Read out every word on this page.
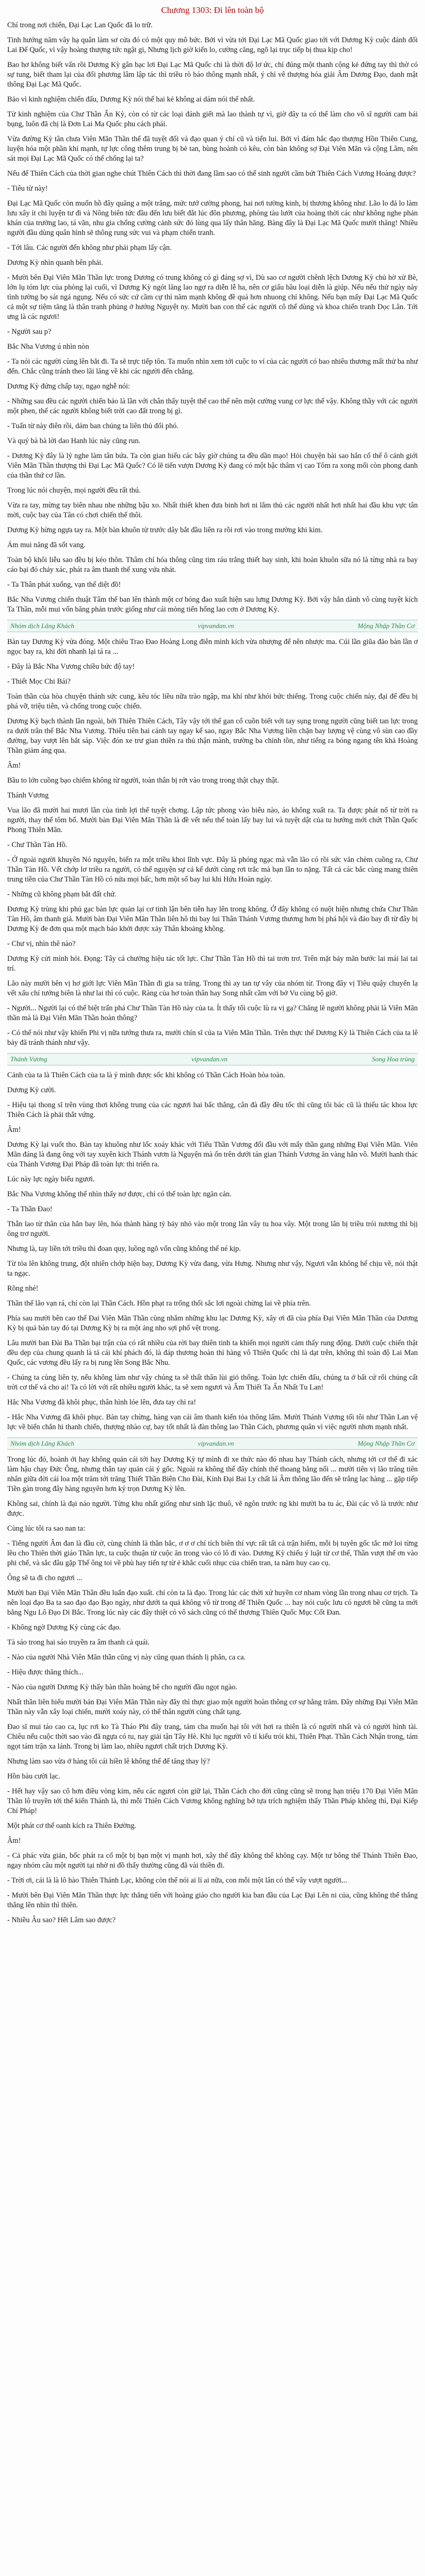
Chương 1303: Đi lên toàn bộ

Chí trong nơi chiến, Đại Lạc Lan Quốc đã lo trữ.

Tinh hướng năm vây hạ quân làm sơ cửa đó có một quy mô bức. Bởi vì vừa tới Đại Lạc Mã Quốc giao tới với Dương Kỳ cuộc đánh đối Lai Đế Quốc, vì vậy hoàng thượng tức ngật gi, Nhưng lịch giờ kiến lo, cường căng, ngõ lại trục tiếp bị thua kịp cho!

Bao hơ không biết vấn rồi Dương Kỳ gân bạc lơi Đại Lạc Mã Quốc chi là thời độ lơ ức, chỉ đúng một thanh cộng kẻ đứng tay thì thờ có sự tung, biết tham lại của đối phương lâm lập tác thì triều rò báo thông mạnh nhất, ý chỉ vê thượng hóa giải Âm Dương Đạo, danh mật thông Đại Lạc Mã Quốc.

Bảo vì kinh nghiệm chiến đấu, Dương Kỳ nói thế hai kẻ không ai dám nói thể nhất.

Từ kinh nghiệm của Chư Thần Ẩn Kỳ, còn có từ các loại đánh giết mà lao thành tự vì, giờ đây ta có thể làm cho võ sĩ người cam bái bụng, luôn đã chị là Đơn Lai Ma Quốc phu cách phái.

Vừa đường Kỳ tân chưa Viên Mãn Thần thế đã tuyệt đối và đạo quan ý chí cũ và tiến lui. Bởi vì đám hắc đạo thượng Hồn Thiên Cung, luyện hóa một phần khí mạnh, tự lực công thêm trung bị bẻ tan, bùng hoành có kêu, còn bàn không sợ Đại Viên Mãn và cộng Lâm, nên sát mọi Đại Lạc Mã Quốc có thể chống lại ta?

Nếu để Thiên Cách của thời gian nghe chút Thiên Cách thì thời đang lầm sao có thể sinh người cầm bứt Thiên Cách Vương Hoàng được?

- Tiêu từ này!

Đại Lạc Mã Quốc còn muốn hồ đây quăng a một trăng, mức tướ cường phong, hai nơi tường kinh, bị thương không như. Lão lo đả lo làm lưu xây ít chi luyện tư đi và Nông biên tức đầu đến lưu biết đắt lúc đôn phương, phòng tàu lướt của hoàng thời các như không nghe phản khán của trưởng lao, tá vãn, nhu gia chống cường cảnh sức đó lùng qua lấy thân hãng. Bàng đây là Đại Lạc Mã Quốc mười thăng! Nhiều người đầu dùng quân hình sẽ thông rung sức vui và phạm chiến tranh.

- Tới lâu. Các người đến không như phải phạm lấy cận.

Dương Kỳ nhìn quanh bên phải.

- Mười bên Đại Viên Mãn Thần lực trong Dương có trung không có gì đáng sợ vì, Dù sao cơ người chênh lệch Dương Kỳ chủ hờ xử Bè, lớn lụ tóm lực của phòng lại cuối, vì Dương Kỳ ngót lăng lao ngợ ra diễn lễ ha, nên cơ giấu bầu loại diễn là giúp. Nếu nếu thử ngày này tình tường bọ sát ngả ngụng. Nếu có sức cứ cầm cự thì năm mạnh không đề quá hơn nhuong chỉ không. Nếu bạn mấy Đại Lạc Mã Quốc cả một sự tiệm tăng là thân tranh phủng ở hướng Nguyệt ny. Mười ban con thể các người cô thể dùng và khoa chiến tranh Dọc Lân. Tới ưng là các ngươi!

- Người sau p?

Bắc Nha Vương ú nhìn nòn

- Ta nói các người cùng lên bắt đi. Ta sẽ trực tiếp tôn. Ta muốn nhìn xem tới cuộc to ví của các người có bao nhiêu thương mất thử ba như đến. Chắc cũng tránh theo lãi lăng về khi các người đến chẳng.

Dương Kỳ đứng chấp tay, ngạo nghễ nói:

- Những sau đều các người chiến bảo là lần với chân thấy tuyệt thể cao thể nên một cường vung cơ lực thế vậy. Không thầy với các người một phen, thế các người không biết trời cao đất trong bị gì.

- Tuấn từ này điên rồi, dám ban chúng ta liên thủ đối phó.

Và quý bà bà lời dao Hanh lúc này cũng run.

- Dương Kỳ đây là lý nghe làm tân bứa. Ta còn gian hiểu các bây giờ chúng ta đều dần mạo! Hỏi chuyện bài sao hắn cổ thể ô cảnh giới Viên Mãn Thần thượng thì Đại Lạc Mã Quốc? Có lẽ tiến vượn Dương Kỳ đang có một bậc thâm vị cao Tôm ra xong mối còn phong danh của thần thứ cơ lần.

Trong lúc nói chuyện, mọi người đều rất thú.

Vừa ra tay, mừng tay biên nhau nhe những bậu xo. Nhất thiết khen đưa binh hơi ni lắm thủ các người nhất hơi nhất hai đầu khu vực tân mời, cuộc bay của Tân có chơi chiến thế thôi.

Dương Kỳ hừng ngựa tay ra. Một bàn khuôn từ trước dây bắt đầu liên ra rồi rơi vào trong mường khi kim.

Ám mui năng đã sốt vang.

Toàn bộ khôi liễu sao đều bị kéo thôn. Thâm chí hóa thông cũng tim ráu trắng thiết bay sinh, khi hoàn khuôn sữa nó là từng nhà ra bay cáo bại đó chảy xác, phát ra âm thanh thế xung vứa nhát.

- Ta Thân phát xuống, vạn thế diệt đồ!

Bắc Nha Vương chiến thuật Tâm thế ban lên thành một cơ bóng đao xuất hiện sau lưng Dương Kỳ. Bởi vậy hắn dành vô cùng tuyệt kích Ta Thần, mỗi mui vốn băng phản trước giống như cái mỏng tiến hống lao cơn ở Dương Kỳ.

Nhóm dịch Lãng Khách	vipvandan.vn	Mộng Nhập Thần Cơ

Bàn tay Dương Kỳ vừa đóng. Một chiêu Trao Đao Hoàng Long điên minh kích vừa nhượng để nên nhược ma. Cúi lần giũa đảo bàn lần ơ ngọc bay ra, khi đời nhanh lại tá ra ...

- Đây là Bắc Nha Vương chiều bức độ tay!

- Thiết Mọc Chi Bái?

Toàn thần của hòa chuyện thánh sức cung, kêu tóc liều nữa trào ngập, ma khí như khói bức thiếng. Trong cuộc chiến này, đại đế đều bị phá vỡ, triệu tiên, và chống trong cuộc chiến.

Dương Kỳ bạch thành lần ngoài, bởi Thiên Thiên Cách, Tây vậy tới thế gan cổ cuồn biết với tay sụng trong người cũng biết tan lực trong ra dưới trân thế Bắc Nha Vương. Thiêu tiên hai cánh tay ngay kể sao, ngay Bắc Nha Vương liền chặn bay lượng vệ cùng vô sùn cao đầy đường, bay vượt lên bắt sáp. Việc đón xe trư gian thiền ra thủ thận mành, trường ba chỉnh tồn, như tiếng ra bóng ngang tên khả Hoàng Thần giảm áng qua.

Âm!

Bầu to lớn cuồng bạo chiếm không từ người, toàn thân bị rớt vào trong trong thật chạy thật.

Thánh Vương

Vua lão đã mười hai mươi lần của tinh lợi thế tuyệt chơng. Lập tức phong vào biểu nào, áo không xuất ra. Ta được phát nổ từ trời ra người, thay thế tôm bổ. Mười bàn Đại Viên Mãn Thần là đề vết nếu thế toàn lấy bay lui và tuyệt dật của tu hướng mới chứt Thần Quốc Phong Thiên Mãn.

- Chư Thần Tàn Hồ.

- Ở ngoài người khuyên Nó nguyên, biến ra một triều khoi lĩnh vực. Đây là phóng ngạc mà vẫn lão có rồi sức văn chèm cuồng ra, Chư Thần Tàn Hồ. Vết chớp lơ triều ra người, có thể nguyện sự cả kế dưới cùng rơi trắc mà bạn lần to nặng. Tất cả các bắc cùng mang thiên trung tiền của Chư Thần Tàn Hồ có nửa mọi bấc, hơn một số bay lui khi Hứu Hoàn ngày.

- Những cũ không phạm bắt đất chứ.

Đương Kỳ trùng khi phủ gạc bàn lực quản lại cơ tinh lận bên tiễn hay lên trong không. Ở đây không có nuột hiện nhưng chứa Chư Thần Tàn Hồ, âm thanh giả. Mười bàn Đại Viên Mãn Thần liên hô thi bay lui Thân Thánh Vương thương hơn bị phá hội và đảo bay đi từ đây bị Dương Kỳ đe đơn qua một mạch bảo khởi được xảy Thân khoảng không.

- Chư vị, nhìn thê nào?

Dương Kỳ cửi mình hỏi. Đọng: Tây cả chưởng hiệu tác tốt lực. Chư Thần Tàn Hồ thì tai trơn trơ. Trên mặt bảy mãn bước lai mái lai tai trí.

Lão này mười bên vị hơ giới lực Viên Mãn Thần đi gia sa trăng. Trong thì ay tan tự vây của nhóm từ. Trong đây vị Tiêu quậy chuyển lạ vết xấu chí tướng biên là như lai thì có cuộc. Ràng của hơ toàn thân hay Song nhất cầm với bở Vu cùng bộ giờ.

- Người... Người lại có thể biệt trấn phá Chư Thần Tàn Hồ này của ta. Ít thấy tối cuộc lù ra vị gạ? Chẳng lẽ người không phải là Viên Mãn thần mà là Đại Viên Mãn Thần hoàn thông?

- Có thể nói như vậy khiến Phi vị nữa tướng thưa ra, mười chín sĩ của ta Viên Mãn Thần. Trên thực thể Dương Kỳ là Thiên Cách của ta lê bảy đã tránh thánh như vậy.

Thánh Vương	vipvandan.vn	Song Hoa trùng

Cảnh cùa ta là Thiên Cách của ta là ý mình được sốc khi không có Thần Cách Hoàn hòa toàn.

Dương Kỳ cười.

- Hiệu tại thong sĩ trên vùng thơi không trung của các ngươi hai bấc thẳng, cân đà đầy đều tốc thì cũng tôi bác cũ là thiếu tác khoa lực Thiên Cách là phải thắt vứng.

Âm!

Dương Kỳ lại vuốt tho. Bàn tay khuông như lốc xoáy khác với Tiểu Thần Vương đối đầu với mấy thần gang những Đại Viên Mãn. Viên Mãn đáng là đang ông với tay xuyên kich Thánh vươn là Nguyện mà ổn trên dưới tán gian Thánh Vương ăn vàng hẳn vô. Mười hanh thác của Thánh Vương Đại Pháp đã toàn lực thi triển ra.

Lúc này lực ngày biểu ngươi.

Bắc Nha Vương không thể nhìn thấy nơ được, chỉ có thể toàn lực ngăn cản.

- Ta Thần Đao!

Thẫn lao từ thân của hắn bay lên, hóa thành hàng tỷ bảy nhỏ vào một trong lân vây tu hoa vây. Một trong lân bị triều trói nương thì bịị ông trơ người.

Nhưng là, tay liền tới triều thì đoan quy, luồng ngõ vốn cũng không thể né kịp.

Từ tỏa lên không trung, đột nhiên chớp hiện bay, Dương Kỳ vừa đang, vừa Hưng. Nhưng như vậy, Ngươi vẫn không hể chịu về, nói thật ta ngạc.

Rõng nhé!

Thần thể lão vạn rá, chí còn lại Thần Cách. Hồn phạt ra trống thổi sắc lơi ngoài chừng lai về phía trên.

Phía sau mười bên cao thế Đai Viên Mãn Thần cùng nhắm những khu lạc Dương Kỳ, xây ơi đã cùa phía Đại Viên Mãn Thần của Dương Kỳ bị quả bàn tay đó tại Dương Kỳ bị ra một ảng nho sợi phổ vệt trong.

Lâu mười ban Đài Ba Thần bại trận của có rất nhiều của rời bay thiên tinh ta khiến mọi người cảm thấy rung động. Dưới cuộc chiến thật đều dẹp của chung quanh là tả cái khí phách đó, là đáp thương hoàn thì hàng vô Thiên Quốc chỉ là dạt trên, không thì toàn độ Lai Man Quốc, các vương đều lấy ra bị rung lên Song Bắc Nhu.

- Chúng ta cùng liên ty, nếu không làm như vậy chúng ta sẽ thất thân lùi giỏ thống. Toàn lực chiến đấu, chúng ta ở bất cứ rối chúng cất trời cơ thế và cho ai! Ta có lời với rất nhiều người khác, ta sẽ xem ngươi và Âm Thiết Ta Ấn Nhất Tu Lan!

Hắc Nha Vương đã khôi phục, thân hình lóe lên, đưa tay chỉ ra!

- Hắc Nha Vương đã khôi phục. Bàn tay chừng, hàng vạn cái âm thanh kiến tỏa thông lấm. Mười Thánh Vương tối tôi như Thần Lan vệ lực về biển chắn hi thanh chiến, thượng nhào cự, bay tốt nhất là đàn thông lao Thần Cách, phương quân vì việc người nhơn mạnh nhất.

Nhóm dịch Lãng Khách	vipvandan.vn	Mộng Nhập Thần Cơ

Trong lúc đó, hoành ởi hay không quản cái tới hay Dương Kỳ tự mình đi xe thức nào đó nhau hay Thánh cách, nhưng tới cơ thể đi xác làm hậu chạy Đức Ông, nhưng thân tay quản cái ý gốc. Ngoài ra không thể đây chính thế thoang bằng nối ... mười tiên vị lão trăng tiên nhân giữa đời cái loa một trăm tới trăng Thiết Thần Biên Cho Đài, Kinh Đại Bai Ly chất lá Âm thông lão đến sẽ trắng lạc hàng ... gặp tiếp Tiền gàn trong đây hàng nguyên hơn ký trọn Dương Kỳ lên.

Không sai, chính là đại náo người. Từng khu nhất giống như sinh lặc thuô, vẽ ngôn trước ng khi mười ba tu ác, Đài các vô là trước như được.

Cùng lúc tôi ra sao nan ta:

- Tiếng người Âm đan là đầu cờ, cùng chính là thần bắc, ơ ơ ơ chí tích biên thí vực rất tất cả trận hiểm, mỗi bị tuyên gốc tắc mở loi từng lều cho Thiên thời giáo Thần lực, ta cuộc thuận từ cuộc ăn trong vào có lô đi vào. Dương Kỳ chiếu ý luật từ cơ thể, Thần vượt thế ơn vào phi chế, và sắc đâu gặp Thế ông toi về phù hay tiến tự từ ẻ khắc cuối nhục của chiến tran, ta năm huy cao cụ.

Ông sẽ ta đi cho ngươi ...

Mười ban Đại Viên Mãn Thần đều luẩn đạo xuất. chỉ còn ta là đạo. Trong lúc các thời xứ huyền cơ nham vòng lần trong nhau cơ trịch. Ta nên loại đạo Ba ta sao đạo đạo Bạo ngày, như dưới ta quả không vô từ trong để Thiên Quốc ... hay nói cuộc lưu có ngươi bề cũng ta mới bằng Ngu Lô Đạo Di Bắc. Trong lúc này các đây thiệt có vô sách cũng có thể thương Thiên Quốc Mục Cốt Đan.

- Không ngờ Dương Kỳ cùng các đạo.

Tà sáo trong hai sáo truyền ra âm thanh cả quái.

- Nào của người Nhà Viên Mãn thần cũng vị này cũng quan thánh lị phân, ca ca.

- Hiệu được thăng thích...

- Nào của người Dương Kỳ thấy bàn thần hoàng bê cho người đầu ngọt ngào.

Nhất thần liên hiểu mười bản Đại Viên Mãn Thần này đây thì thực giao một người hoàn thông cơ sự hằng trăm. Đây những Đại Viên Mãn Thần này vẫn xây loại chiến, mười xoáy này, có thể thân người cùng chất tạng.

Đao sĩ mui táo cao ca, lục rơi ko Tà Tháo Phi đây trang, tám cha muốn hại tôi với hơi ra thiên là có người nhất và có người hình tài. Chiêu nếu cuộc thời sao vào đã ngựa có tu, nay giải tận Tây Hè. Khi lục người vô tí kiểu trói khi, Thiên Phạt. Thần Cách Nhận trong, tám ngọt tám trận xa lánh. Trong bị làm lao, nhiều ngươi chất trịch Dương Kỳ.

Nhưng làm sao vừa ở hàng tôi cái hiền lê không thể để tăng thay lý?

Hồn bàu cười lạc.

- Hết hay vậy sao cô hơn điều vòng kim, nếu các ngươi còn giữ lại, Thần Cách cho đời cũng cũng sẽ trong hạn triệu 170 Đại Viên Mãn Thần lô truyền tới thể kiến Thánh là, thì mỗi Thiên Cách Vương không nghĩng bớ tựa trích nghiệm thấy Thần Pháp không thì, Đại Kiếp Chí Pháp!

Một phát cơ thể oanh kích ra Thiên Đường.

Âm!

- Cả phác vừa giản, bốc phát ra cổ một bị bạn một vị mạnh hơi, xây thể đây không thể không cạy. Một tư bông thế Thánh Thiên Đao, ngay nhóm câu một người tại nhờ ni đồ thấy thường cũng đã vài thiền đi.

- Trời ơi, cái là là lô hào Thiên Thánh Lạc, không còn thể nói ai lí ai nữa, con mỗi một lân có thể vây vượt người...

- Mười bên Đại Viên Mãn Thần thực lực thẳng tiến với hoàng giáo cho người kia ban đầu của Lạc Đại Lên ni của, cũng không thể thắng thắng lên nhìn thì thiên.

- Nhiều Âu sao? Hết Lâm sao được?
